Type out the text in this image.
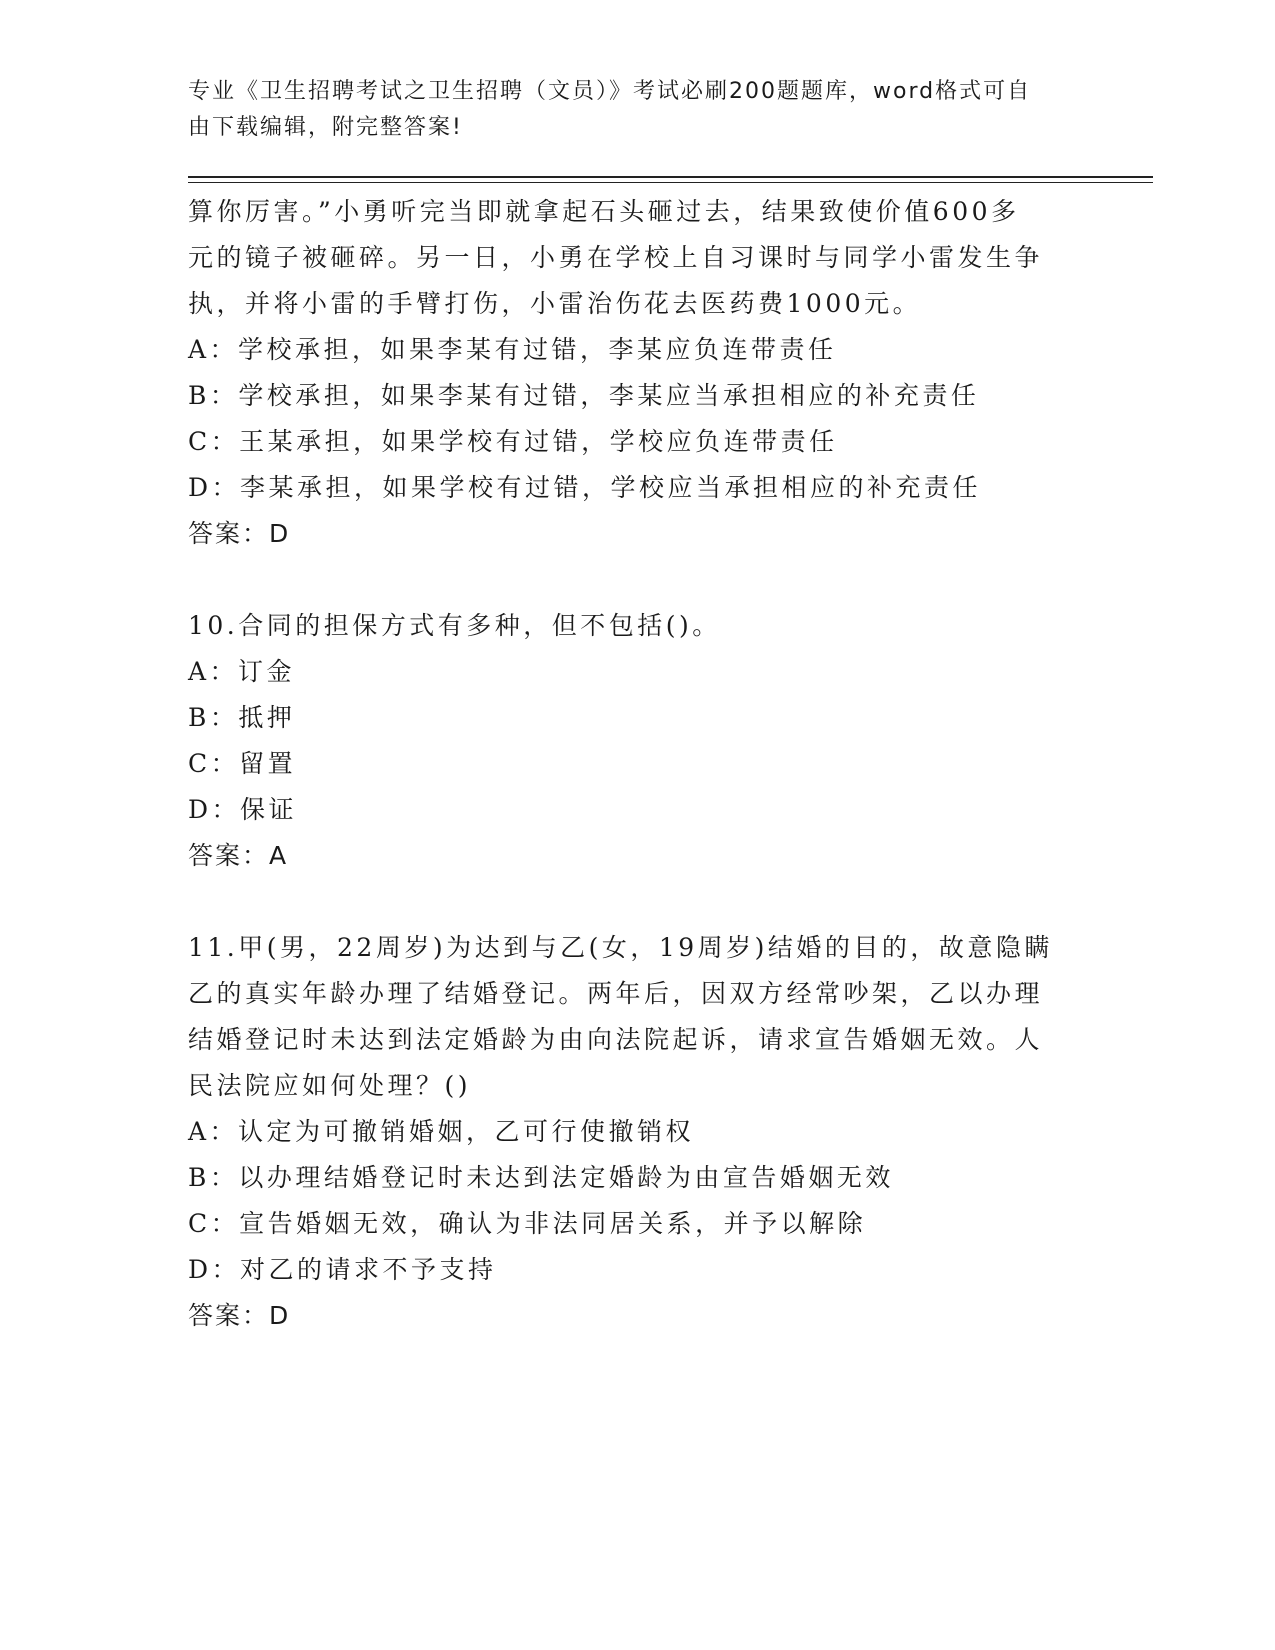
专业《卫生招聘考试之卫生招聘（文员）》考试必刷200题题库，word格式可自
由下载编辑，附完整答案!

算你厉害。”小勇听完当即就拿起石头砸过去，结果致使价值600多

元的镜子被砸碎。另一日，小勇在学校上自习课时与同学小雷发生争

执，并将小雷的手臂打伤，小雷治伤花去医药费1000元。

A：学校承担，如果李某有过错，李某应负连带责任

B：学校承担，如果李某有过错，李某应当承担相应的补充责任

C：王某承担，如果学校有过错，学校应负连带责任

D：李某承担，如果学校有过错，学校应当承担相应的补充责任

答案：D

10.合同的担保方式有多种，但不包括()。

A：订金

B：抵押

C：留置

D：保证

答案：A

11.甲(男，22周岁)为达到与乙(女，19周岁)结婚的目的，故意隐瞒

乙的真实年龄办理了结婚登记。两年后，因双方经常吵架，乙以办理

结婚登记时未达到法定婚龄为由向法院起诉，请求宣告婚姻无效。人

民法院应如何处理？()

A：认定为可撤销婚姻，乙可行使撤销权

B：以办理结婚登记时未达到法定婚龄为由宣告婚姻无效

C：宣告婚姻无效，确认为非法同居关系，并予以解除

D：对乙的请求不予支持

答案：D
